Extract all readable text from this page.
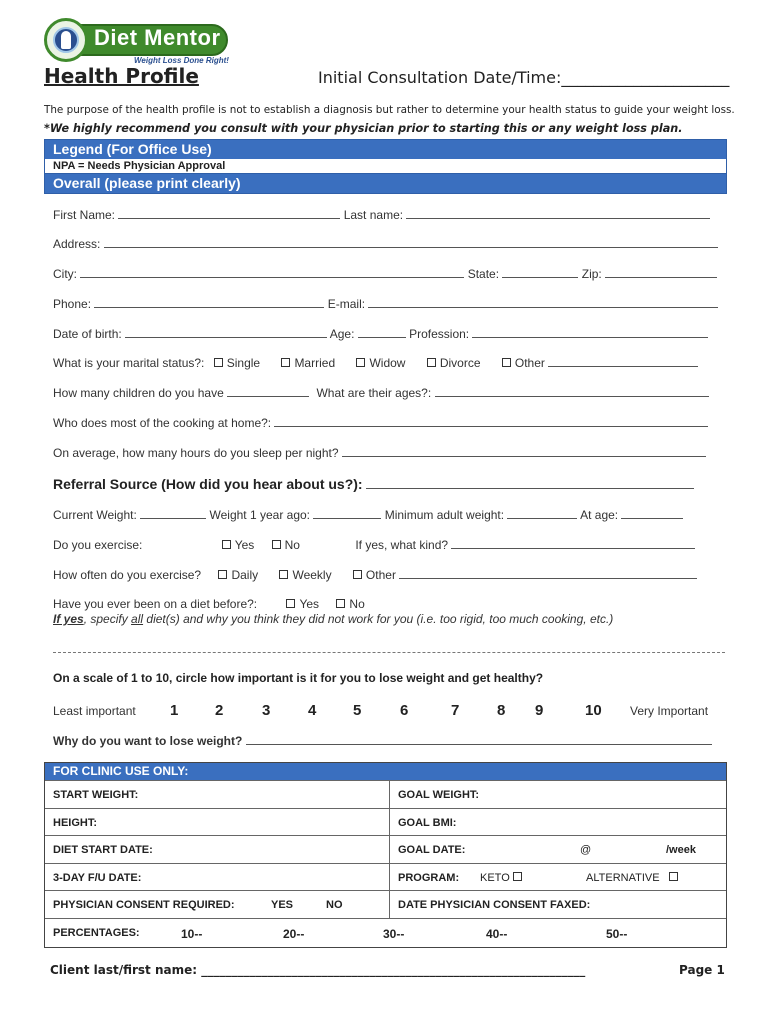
Diet Mentor
Weight Loss Done Right!
Health Profile	Initial Consultation Date/Time:_____________________
The purpose of the health profile is not to establish a diagnosis but rather to determine your health status to guide your weight loss.
*We highly recommend you consult with your physician prior to starting this or any weight loss plan.
Legend (For Office Use)
NPA = Needs Physician Approval
Overall (please print clearly)
First Name:	Last name:
Address:
City:	State:	Zip:
Phone:	E-mail:
Date of birth:	Age:	Profession:
What is your marital status?: Single	Married	Widow	Divorce	Other
How many children do you have	What are their ages?:
Who does most of the cooking at home?:
On average, how many hours do you sleep per night?
Referral Source (How did you hear about us?):
Current Weight:	Weight 1 year ago:	Minimum adult weight:	At age:
Do you exercise:	Yes	No	If yes, what kind?
How often do you exercise?	Daily	Weekly	Other
Have you ever been on a diet before?:	Yes	No
If yes, specify all diet(s) and why you think they did not work for you (i.e. too rigid, too much cooking, etc.)
On a scale of 1 to 10, circle how important is it for you to lose weight and get healthy?
Least important 1 2	3	4 5	6	7	8 9	10 Very Important
Why do you want to lose weight?
FOR CLINIC USE ONLY:
START WEIGHT:	GOAL WEIGHT:
HEIGHT:	GOAL BMI:
DIET START DATE:	GOAL DATE:	@	/week
3-DAY F/U DATE:	PROGRAM: KETO	ALTERNATIVE
PHYSICIAN CONSENT REQUIRED:	YES	NO	DATE PHYSICIAN CONSENT FAXED:
PERCENTAGES:	10--	20--	30--	40--	50--
Client last/first name: ________________________________________________________________	Page 1
